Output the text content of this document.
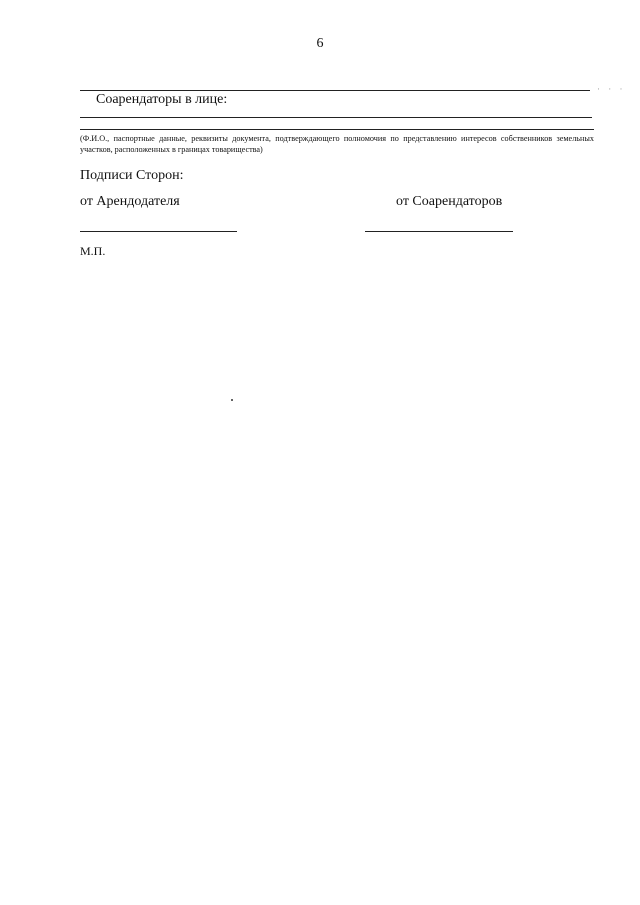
6
· · ·
Соарендаторы в лице:
(Ф.И.О., паспортные данные, реквизиты документа, подтверждающего полномочия по представлению интересов собственников земельных участков, расположенных в границах товарищества)
Подписи Сторон:
от Арендодателя	от Соарендаторов
М.П.
